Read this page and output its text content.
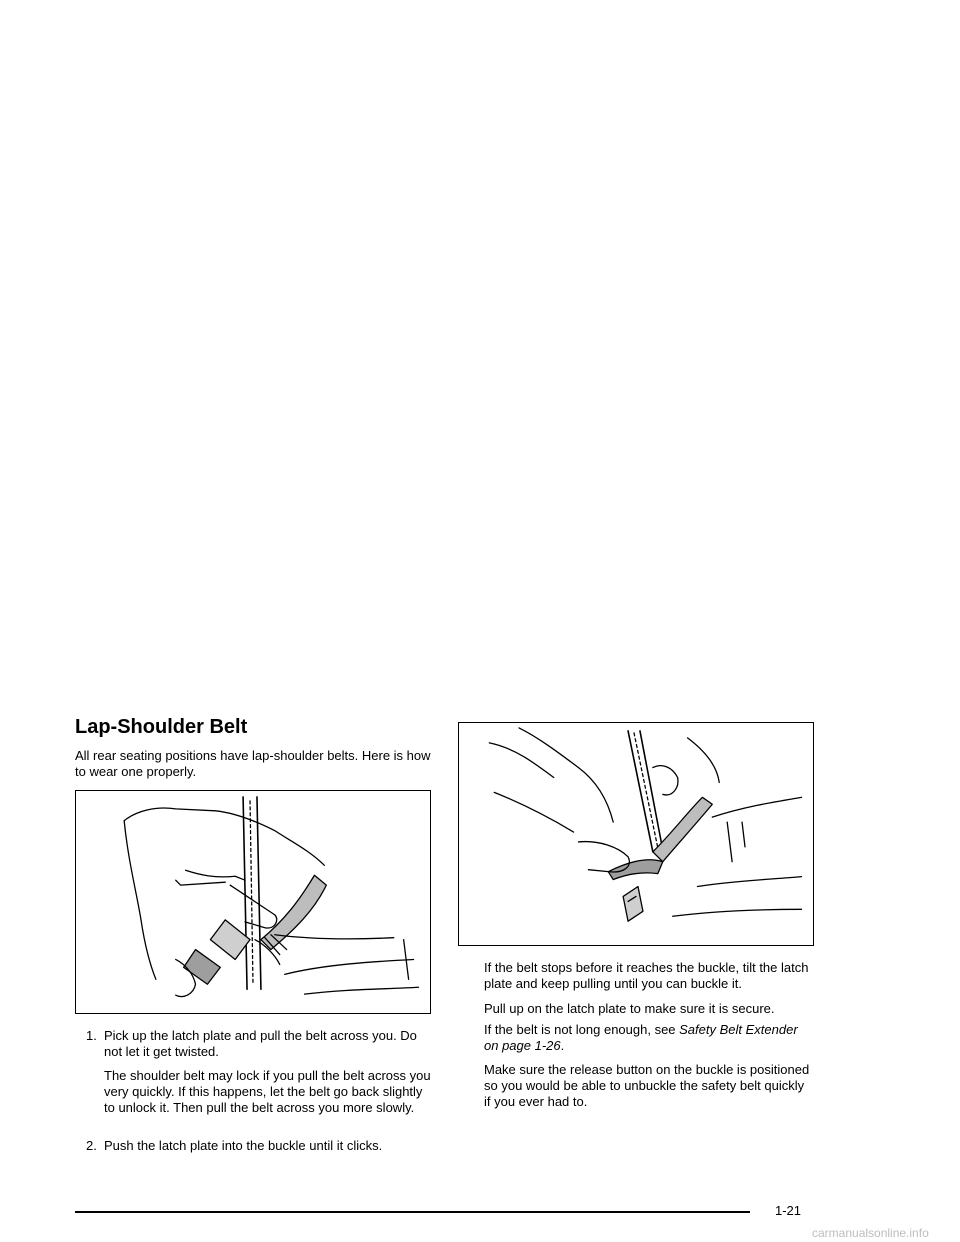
Lap-Shoulder Belt

All rear seating positions have lap-shoulder belts. Here is how to wear one properly.

1. Pick up the latch plate and pull the belt across you. Do not let it get twisted.

The shoulder belt may lock if you pull the belt across you very quickly. If this happens, let the belt go back slightly to unlock it. Then pull the belt across you more slowly.

2. Push the latch plate into the buckle until it clicks.

If the belt stops before it reaches the buckle, tilt the latch plate and keep pulling until you can buckle it.

Pull up on the latch plate to make sure it is secure.

If the belt is not long enough, see Safety Belt Extender on page 1-26.

Make sure the release button on the buckle is positioned so you would be able to unbuckle the safety belt quickly if you ever had to.

1-21
carmanualsonline.info
